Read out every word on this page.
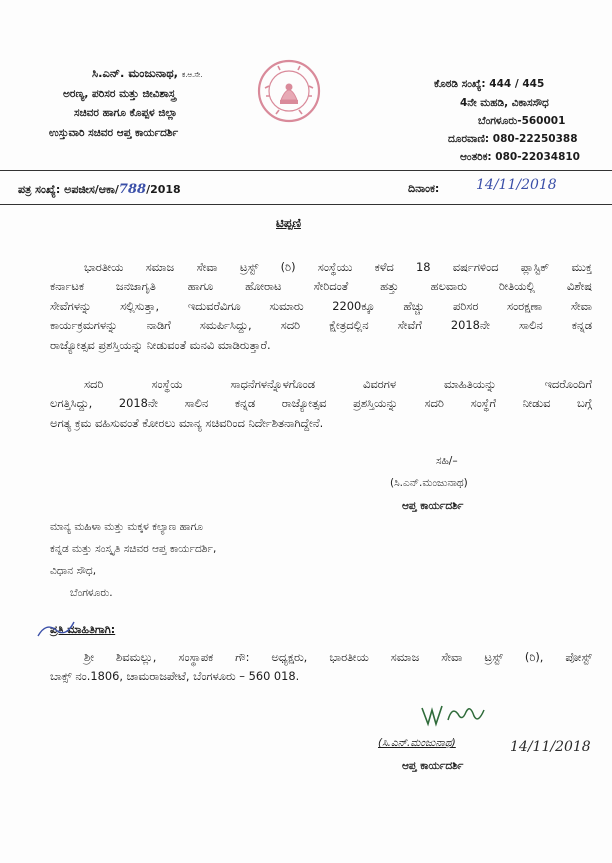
ಸಿ.ಎನ್. ಮಂಜುನಾಥ, ಕ.ಆ.ಸೇ.
ಅರಣ್ಯ, ಪರಿಸರ ಮತ್ತು ಜೀವಿಶಾಸ್ತ್ರ
ಸಚಿವರ ಹಾಗೂ ಕೊಪ್ಪಳ ಜಿಲ್ಲಾ
ಉಸ್ತುವಾರಿ ಸಚಿವರ ಆಪ್ತ ಕಾರ್ಯದರ್ಶಿ
ಕೊಠಡಿ ಸಂಖ್ಯೆ: 444 / 445
4ನೇ ಮಹಡಿ, ವಿಕಾಸಸೌಧ
ಬೆಂಗಳೂರು-560001
ದೂರವಾಣಿ: 080-22250388
ಆಂತರಿಕ: 080-22034810
ಪತ್ರ ಸಂಖ್ಯೆ: ಅಪಜೀಸ/ಆಕಾ/788/2018	ದಿನಾಂಕ:	14/11/2018
ಟಿಪ್ಪಣಿ
ಭಾರತೀಯ ಸಮಾಜ ಸೇವಾ ಟ್ರಸ್ಟ್ (ರಿ) ಸಂಸ್ಥೆಯು ಕಳೆದ 18 ವರ್ಷಗಳಿಂದ ಪ್ಲಾಸ್ಟಿಕ್ ಮುಕ್ತ
ಕರ್ನಾಟಕ ಜನಜಾಗೃತಿ ಹಾಗೂ ಹೋರಾಟ ಸೇರಿದಂತೆ ಹತ್ತು ಹಲವಾರು ರೀತಿಯಲ್ಲಿ ವಿಶೇಷ
ಸೇವೆಗಳನ್ನು ಸಲ್ಲಿಸುತ್ತಾ, ಇದುವರೆವಿಗೂ ಸುಮಾರು 2200ಕ್ಕೂ ಹೆಚ್ಚು ಪರಿಸರ ಸಂರಕ್ಷಣಾ ಸೇವಾ
ಕಾರ್ಯಕ್ರಮಗಳನ್ನು ನಾಡಿಗೆ ಸಮರ್ಪಿಸಿದ್ದು, ಸದರಿ ಕ್ಷೇತ್ರದಲ್ಲಿನ ಸೇವೆಗೆ 2018ನೇ ಸಾಲಿನ ಕನ್ನಡ
ರಾಜ್ಯೋತ್ಸವ ಪ್ರಶಸ್ತಿಯನ್ನು ನೀಡುವಂತೆ ಮನವಿ ಮಾಡಿರುತ್ತಾರೆ.
ಸದರಿ ಸಂಸ್ಥೆಯ ಸಾಧನೆಗಳನ್ನೊಳಗೊಂಡ ವಿವರಗಳ ಮಾಹಿತಿಯನ್ನು ಇದರೊಂದಿಗೆ
ಲಗತ್ತಿಸಿದ್ದು, 2018ನೇ ಸಾಲಿನ ಕನ್ನಡ ರಾಜ್ಯೋತ್ಸವ ಪ್ರಶಸ್ತಿಯನ್ನು ಸದರಿ ಸಂಸ್ಥೆಗೆ ನೀಡುವ ಬಗ್ಗೆ
ಅಗತ್ಯ ಕ್ರಮ ವಹಿಸುವಂತೆ ಕೋರಲು ಮಾನ್ಯ ಸಚಿವರಿಂದ ನಿರ್ದೇಶಿತನಾಗಿದ್ದೇನೆ.
ಸಹಿ/–
(ಸಿ.ಎನ್.ಮಂಜುನಾಥ)
ಆಪ್ತ ಕಾರ್ಯದರ್ಶಿ
ಮಾನ್ಯ ಮಹಿಳಾ ಮತ್ತು ಮಕ್ಕಳ ಕಲ್ಯಾಣ ಹಾಗೂ
ಕನ್ನಡ ಮತ್ತು ಸಂಸ್ಕೃತಿ ಸಚಿವರ ಆಪ್ತ ಕಾರ್ಯದರ್ಶಿ,
ವಿಧಾನ ಸೌಧ,
ಬೆಂಗಳೂರು.
ಪ್ರತಿ ಮಾಹಿತಿಗಾಗಿ:
ಶ್ರೀ ಶಿವಮಲ್ಲು, ಸಂಸ್ಥಾಪಕ ಗೌ: ಅಧ್ಯಕ್ಷರು, ಭಾರತೀಯ ಸಮಾಜ ಸೇವಾ ಟ್ರಸ್ಟ್ (ರಿ), ಪೋಸ್ಟ್
ಬಾಕ್ಸ್ ನಂ.1806, ಚಾಮರಾಜಪೇಟೆ, ಬೆಂಗಳೂರು – 560 018.
(ಸಿ.ಎನ್.ಮಂಜುನಾಥ)
ಆಪ್ತ ಕಾರ್ಯದರ್ಶಿ
14/11/2018
